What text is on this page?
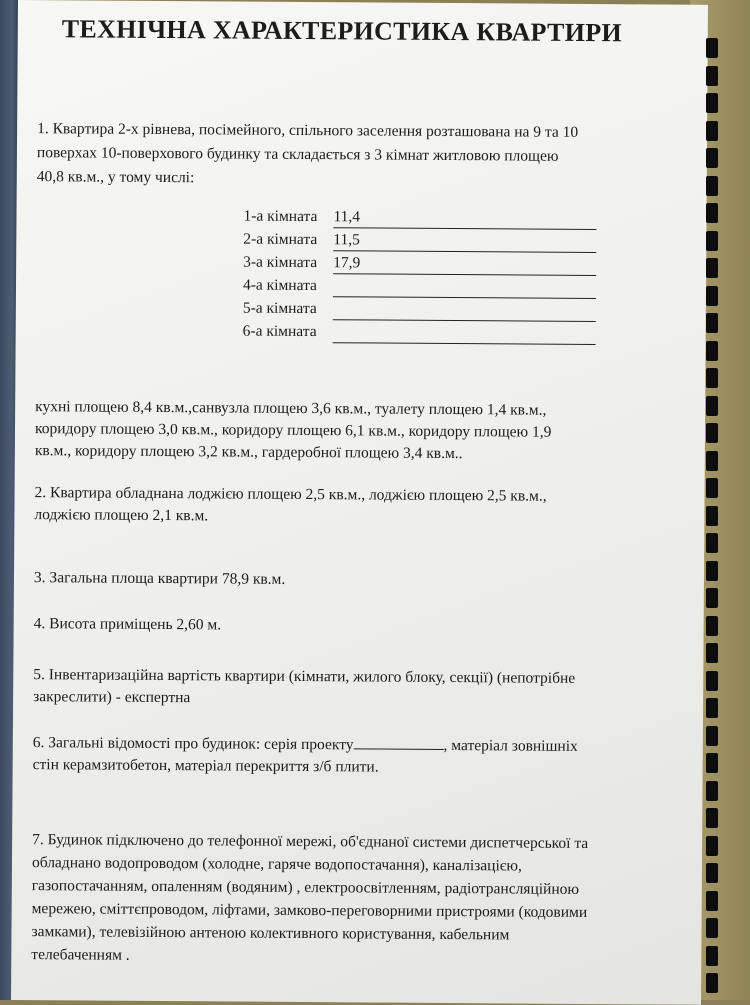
ТЕХНІЧНА ХАРАКТЕРИСТИКА КВАРТИРИ

1. Квартира 2-х рівнева, посімейного, спільного заселення розташована на 9 та 10

поверхах 10-поверхового будинку та складається з 3 кімнат житловою площею

40,8 кв.м., у тому числі:

1-а кімната 11,4
2-а кімната 11,5
3-а кімната 17,9
4-а кімната
5-а кімната
6-а кімната

кухні площею 8,4 кв.м.,санвузла площею 3,6 кв.м., туалету площею 1,4 кв.м.,

коридору площею 3,0 кв.м., коридору площею 6,1 кв.м., коридору площею 1,9

кв.м., коридору площею 3,2 кв.м., гардеробної площею 3,4 кв.м..

2. Квартира обладнана лоджією площею 2,5 кв.м., лоджією площею 2,5 кв.м.,

лоджією площею 2,1 кв.м.

3. Загальна площа квартири 78,9 кв.м.

4. Висота приміщень 2,60 м.

5. Інвентаризаційна вартість квартири (кімнати, жилого блоку, секції) (непотрібне

закреслити) - експертна

6. Загальні відомості про будинок: серія проекту	, матеріал зовнішніх

стін керамзитобетон, матеріал перекриття з/б плити.

7. Будинок підключено до телефонної мережі, об'єднаної системи диспетчерської та

обладнано водопроводом (холодне, гаряче водопостачання), каналізацією,

газопостачанням, опаленням (водяним) , електроосвітленням, радіотрансляційною

мережею, сміттєпроводом, ліфтами, замково-переговорними пристроями (кодовими

замками), телевізійною антеною колективного користування, кабельним

телебаченням .
